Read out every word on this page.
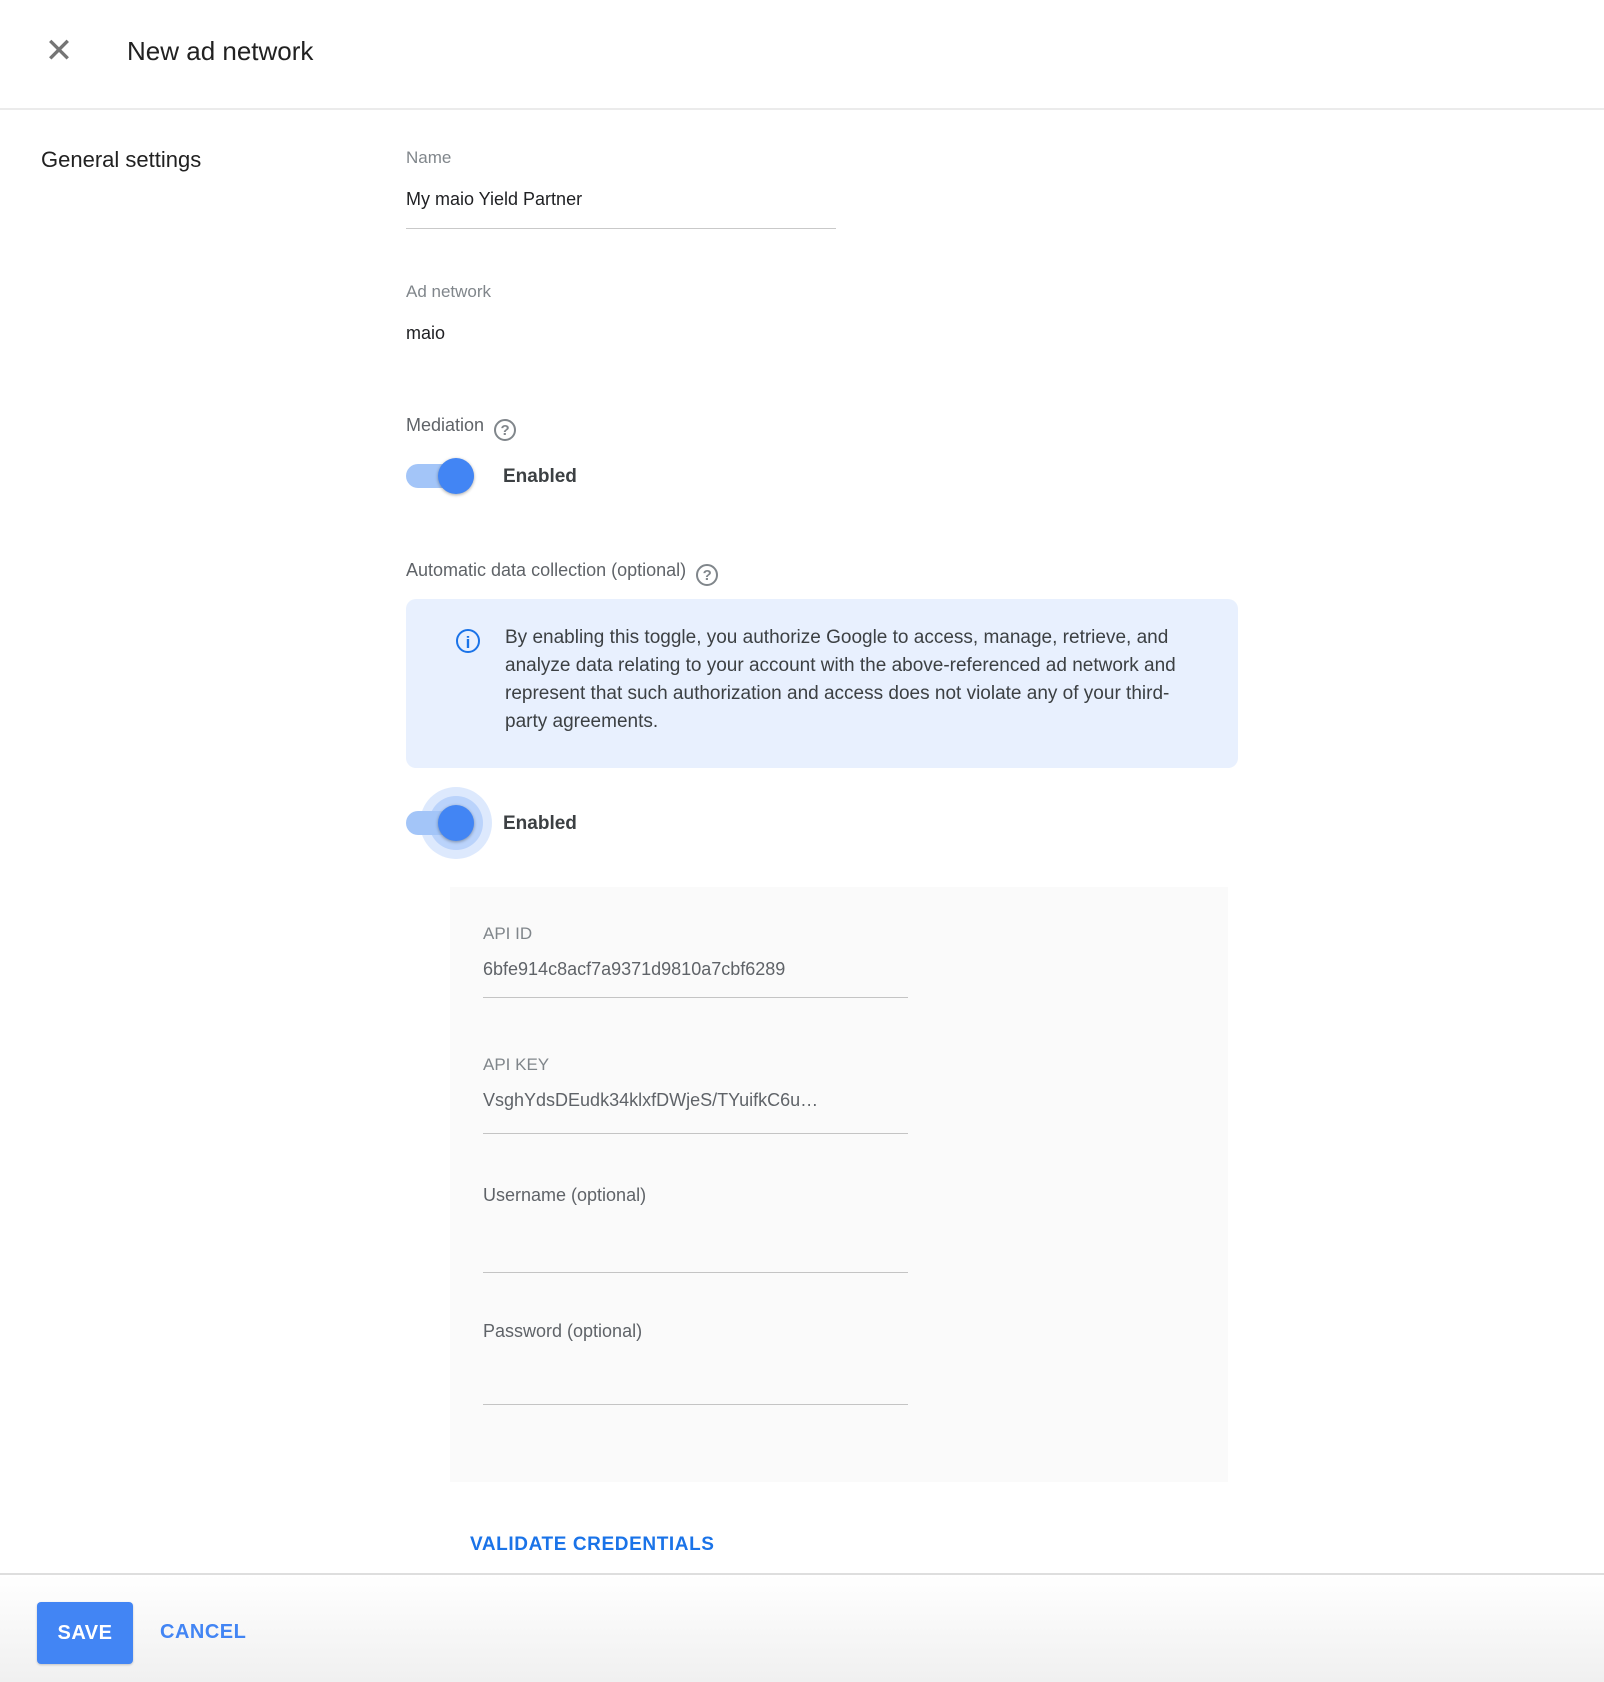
✕ New ad network
General settings	Name
My maio Yield Partner
Ad network
maio
Mediation ?
Enabled
Automatic data collection (optional) ?
i	By enabling this toggle, you authorize Google to access, manage, retrieve, and analyze data relating to your account with the above-referenced ad network and represent that such authorization and access does not violate any of your third-party agreements.
Enabled
API ID
6bfe914c8acf7a9371d9810a7cbf6289
API KEY
VsghYdsDEudk34klxfDWjeS/TYuifkC6u…
Username (optional)
Password (optional)
VALIDATE CREDENTIALS
SAVE	CANCEL
